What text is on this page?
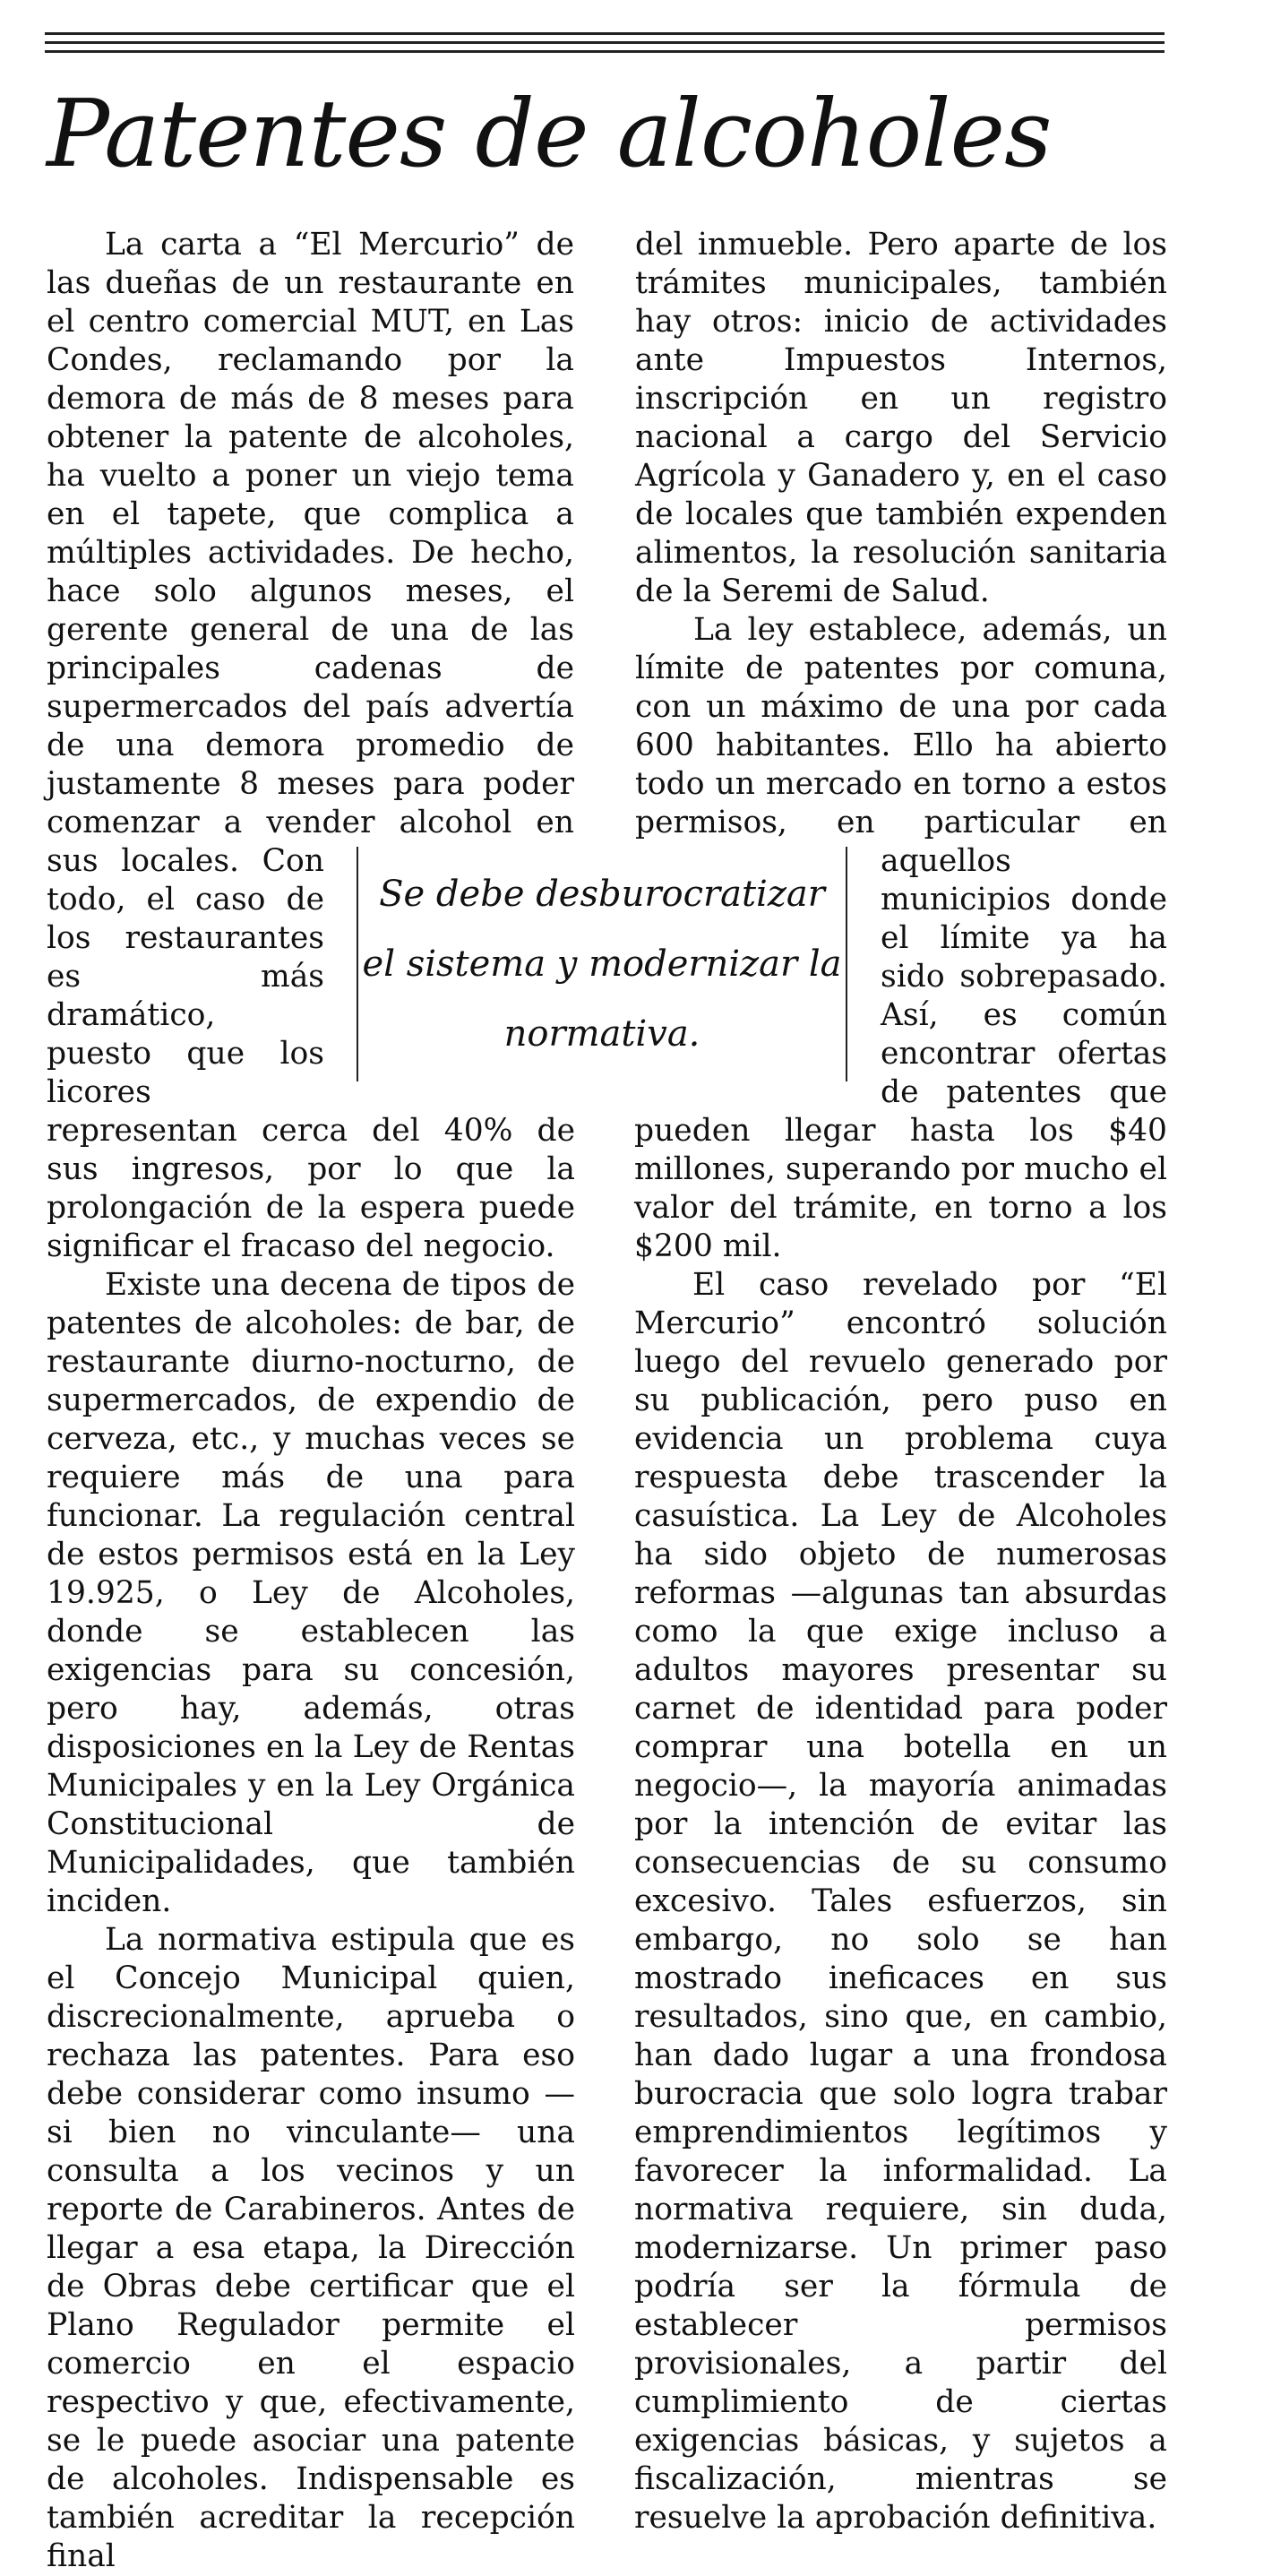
Patentes de alcoholes

La carta a “El Mercurio” de las dueñas de un restaurante en el centro comercial MUT, en Las Condes, reclamando por la demora de más de 8 meses para obtener la patente de alcoholes, ha vuelto a poner un viejo tema en el tapete, que complica a múltiples actividades. De hecho, hace solo algunos meses, el gerente general de una de las principales cadenas de supermercados del país advertía de una demora promedio de justamente 8 meses para poder comenzar a vender alcohol en sus locales. Con todo, el caso de los restaurantes es más dramático, puesto que los licores representan cerca del 40% de sus ingresos, por lo que la prolongación de la espera puede significar el fracaso del negocio.

Existe una decena de tipos de patentes de alcoholes: de bar, de restaurante diurno-nocturno, de supermercados, de expendio de cerveza, etc., y muchas veces se requiere más de una para funcionar. La regulación central de estos permisos está en la Ley 19.925, o Ley de Alcoholes, donde se establecen las exigencias para su concesión, pero hay, además, otras disposiciones en la Ley de Rentas Municipales y en la Ley Orgánica Constitucional de Municipalidades, que también inciden.

La normativa estipula que es el Concejo Municipal quien, discrecionalmente, aprueba o rechaza las patentes. Para eso debe considerar como insumo —si bien no vinculante— una consulta a los vecinos y un reporte de Carabineros. Antes de llegar a esa etapa, la Dirección de Obras debe certificar que el Plano Regulador permite el comercio en el espacio respectivo y que, efectivamente, se le puede asociar una patente de alcoholes. Indispensable es también acreditar la recepción final

del inmueble. Pero aparte de los trámites municipales, también hay otros: inicio de actividades ante Impuestos Internos, inscripción en un registro nacional a cargo del Servicio Agrícola y Ganadero y, en el caso de locales que también expenden alimentos, la resolución sanitaria de la Seremi de Salud.

La ley establece, además, un límite de patentes por comuna, con un máximo de una por cada 600 habitantes. Ello ha abierto todo un mercado en torno a estos permisos, en particular en aquellos municipios donde el límite ya ha sido sobrepasado. Así, es común encontrar ofertas de patentes que pueden llegar hasta los $40 millones, superando por mucho el valor del trámite, en torno a los $200 mil.

El caso revelado por “El Mercurio” encontró solución luego del revuelo generado por su publicación, pero puso en evidencia un problema cuya respuesta debe trascender la casuística. La Ley de Alcoholes ha sido objeto de numerosas reformas —algunas tan absurdas como la que exige incluso a adultos mayores presentar su carnet de identidad para poder comprar una botella en un negocio—, la mayoría animadas por la intención de evitar las consecuencias de su consumo excesivo. Tales esfuerzos, sin embargo, no solo se han mostrado ineficaces en sus resultados, sino que, en cambio, han dado lugar a una frondosa burocracia que solo logra trabar emprendimientos legítimos y favorecer la informalidad. La normativa requiere, sin duda, modernizarse. Un primer paso podría ser la fórmula de establecer permisos provisionales, a partir del cumplimiento de ciertas exigencias básicas, y sujetos a fiscalización, mientras se resuelve la aprobación definitiva.

Se debe desburocratizar el sistema y modernizar la normativa.
